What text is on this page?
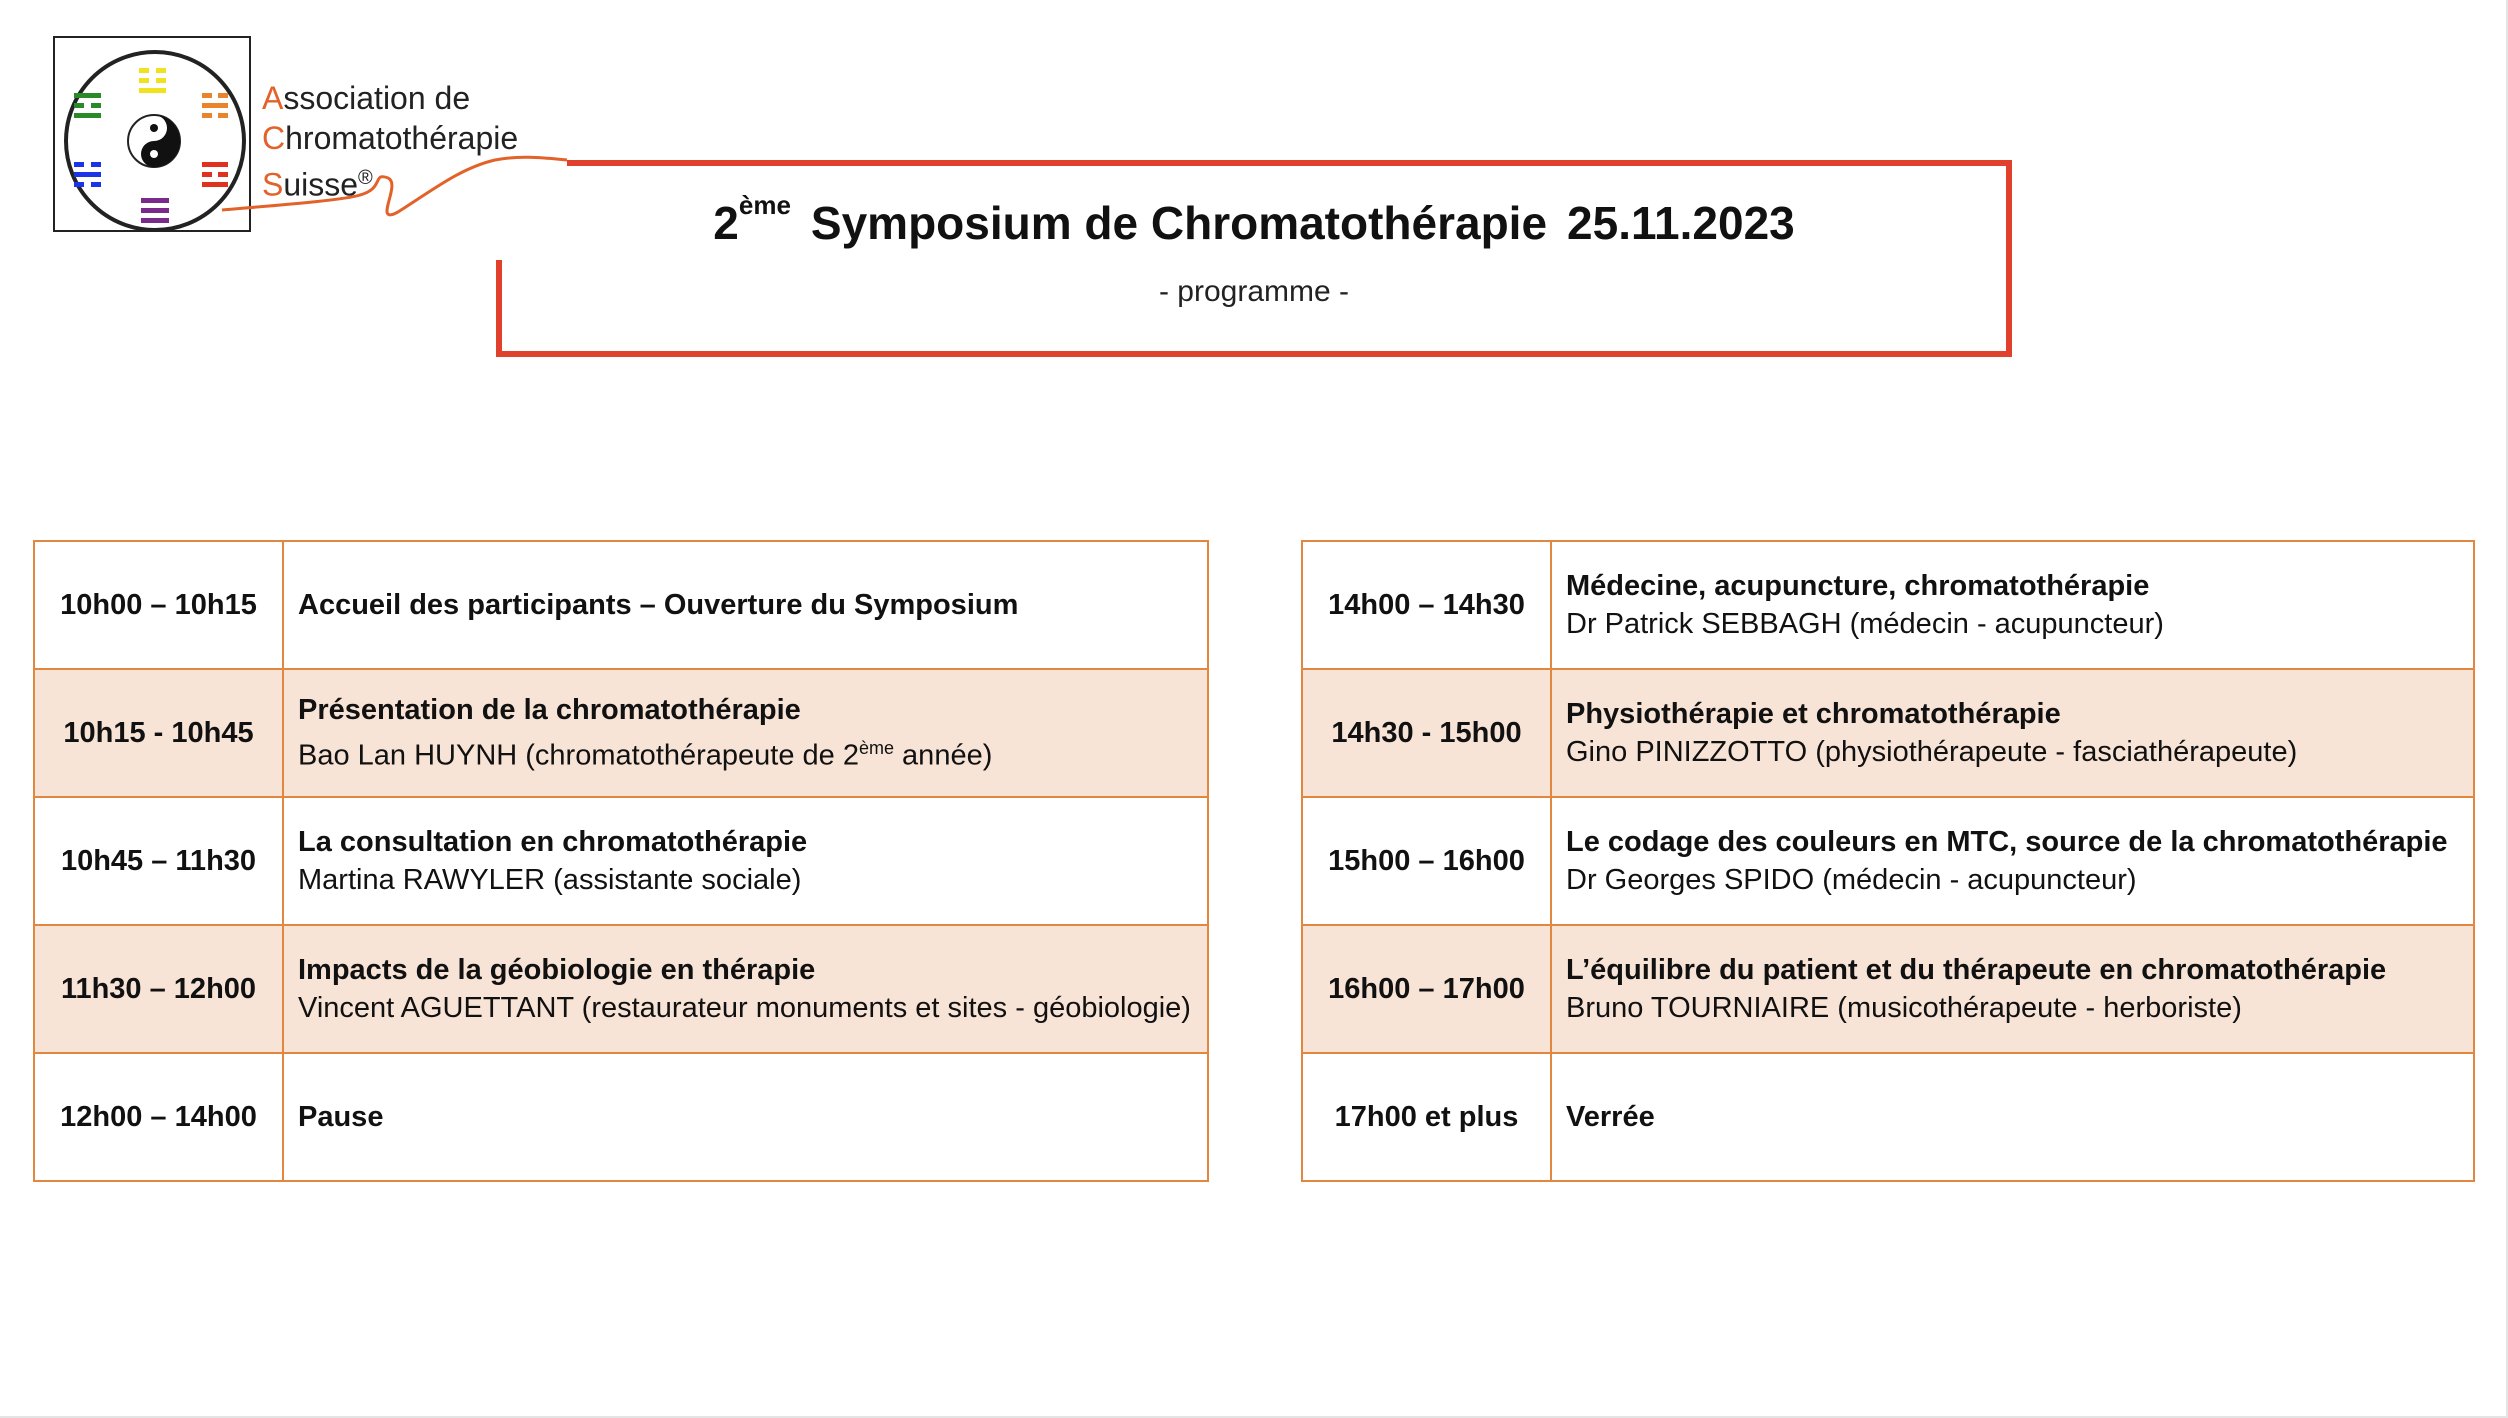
Association de
Chromatothérapie
Suisse®
2ème Symposium de Chromatothérapie 25.11.2023
- programme -
10h00 – 10h15	Accueil des participants – Ouverture du Symposium

10h15 - 10h45	Présentation de la chromatothérapie
Bao Lan HUYNH (chromatothérapeute de 2ème année)

10h45 – 11h30	La consultation en chromatothérapie
Martina RAWYLER (assistante sociale)

11h30 – 12h00	Impacts de la géobiologie en thérapie
Vincent AGUETTANT (restaurateur monuments et sites - géobiologie)

12h00 – 14h00	Pause
14h00 – 14h30	Médecine, acupuncture, chromatothérapie
Dr Patrick SEBBAGH (médecin - acupuncteur)

14h30 - 15h00	Physiothérapie et chromatothérapie
Gino PINIZZOTTO (physiothérapeute - fasciathérapeute)

15h00 – 16h00	Le codage des couleurs en MTC, source de la chromatothérapie
Dr Georges SPIDO (médecin - acupuncteur)

16h00 – 17h00	L’équilibre du patient et du thérapeute en chromatothérapie
Bruno TOURNIAIRE (musicothérapeute - herboriste)

17h00 et plus	Verrée
